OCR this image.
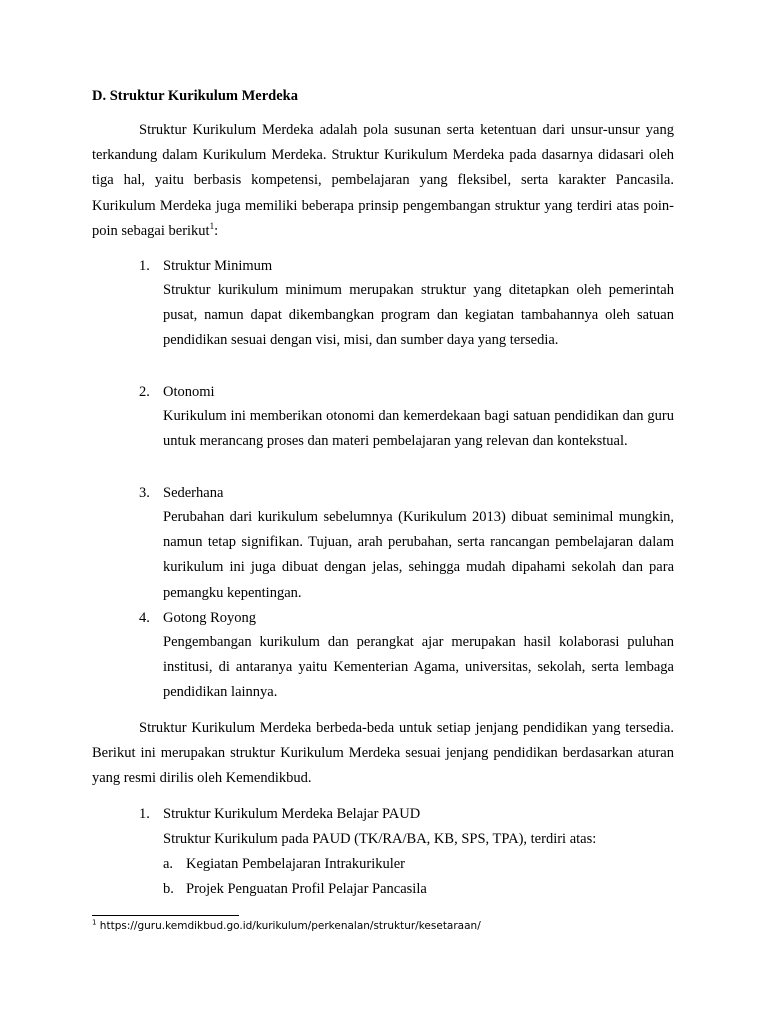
D. Struktur Kurikulum Merdeka

Struktur Kurikulum Merdeka adalah pola susunan serta ketentuan dari unsur-unsur yang terkandung dalam Kurikulum Merdeka. Struktur Kurikulum Merdeka pada dasarnya didasari oleh tiga hal, yaitu berbasis kompetensi, pembelajaran yang fleksibel, serta karakter Pancasila. Kurikulum Merdeka juga memiliki beberapa prinsip pengembangan struktur yang terdiri atas poin-poin sebagai berikut$^1$:

1. Struktur Minimum

Struktur kurikulum minimum merupakan struktur yang ditetapkan oleh pemerintah pusat, namun dapat dikembangkan program dan kegiatan tambahannya oleh satuan pendidikan sesuai dengan visi, misi, dan sumber daya yang tersedia.

2. Otonomi

Kurikulum ini memberikan otonomi dan kemerdekaan bagi satuan pendidikan dan guru untuk merancang proses dan materi pembelajaran yang relevan dan kontekstual.

3. Sederhana

Perubahan dari kurikulum sebelumnya (Kurikulum 2013) dibuat seminimal mungkin, namun tetap signifikan. Tujuan, arah perubahan, serta rancangan pembelajaran dalam kurikulum ini juga dibuat dengan jelas, sehingga mudah dipahami sekolah dan para pemangku kepentingan.

4. Gotong Royong

Pengembangan kurikulum dan perangkat ajar merupakan hasil kolaborasi puluhan institusi, di antaranya yaitu Kementerian Agama, universitas, sekolah, serta lembaga pendidikan lainnya.

Struktur Kurikulum Merdeka berbeda-beda untuk setiap jenjang pendidikan yang tersedia. Berikut ini merupakan struktur Kurikulum Merdeka sesuai jenjang pendidikan berdasarkan aturan yang resmi dirilis oleh Kemendikbud.

1. Struktur Kurikulum Merdeka Belajar PAUD
Struktur Kurikulum pada PAUD (TK/RA/BA, KB, SPS, TPA), terdiri atas:
a. Kegiatan Pembelajaran Intrakurikuler
b. Projek Penguatan Profil Pelajar Pancasila
$^1$ https://guru.kemdikbud.go.id/kurikulum/perkenalan/struktur/kesetaraan/
